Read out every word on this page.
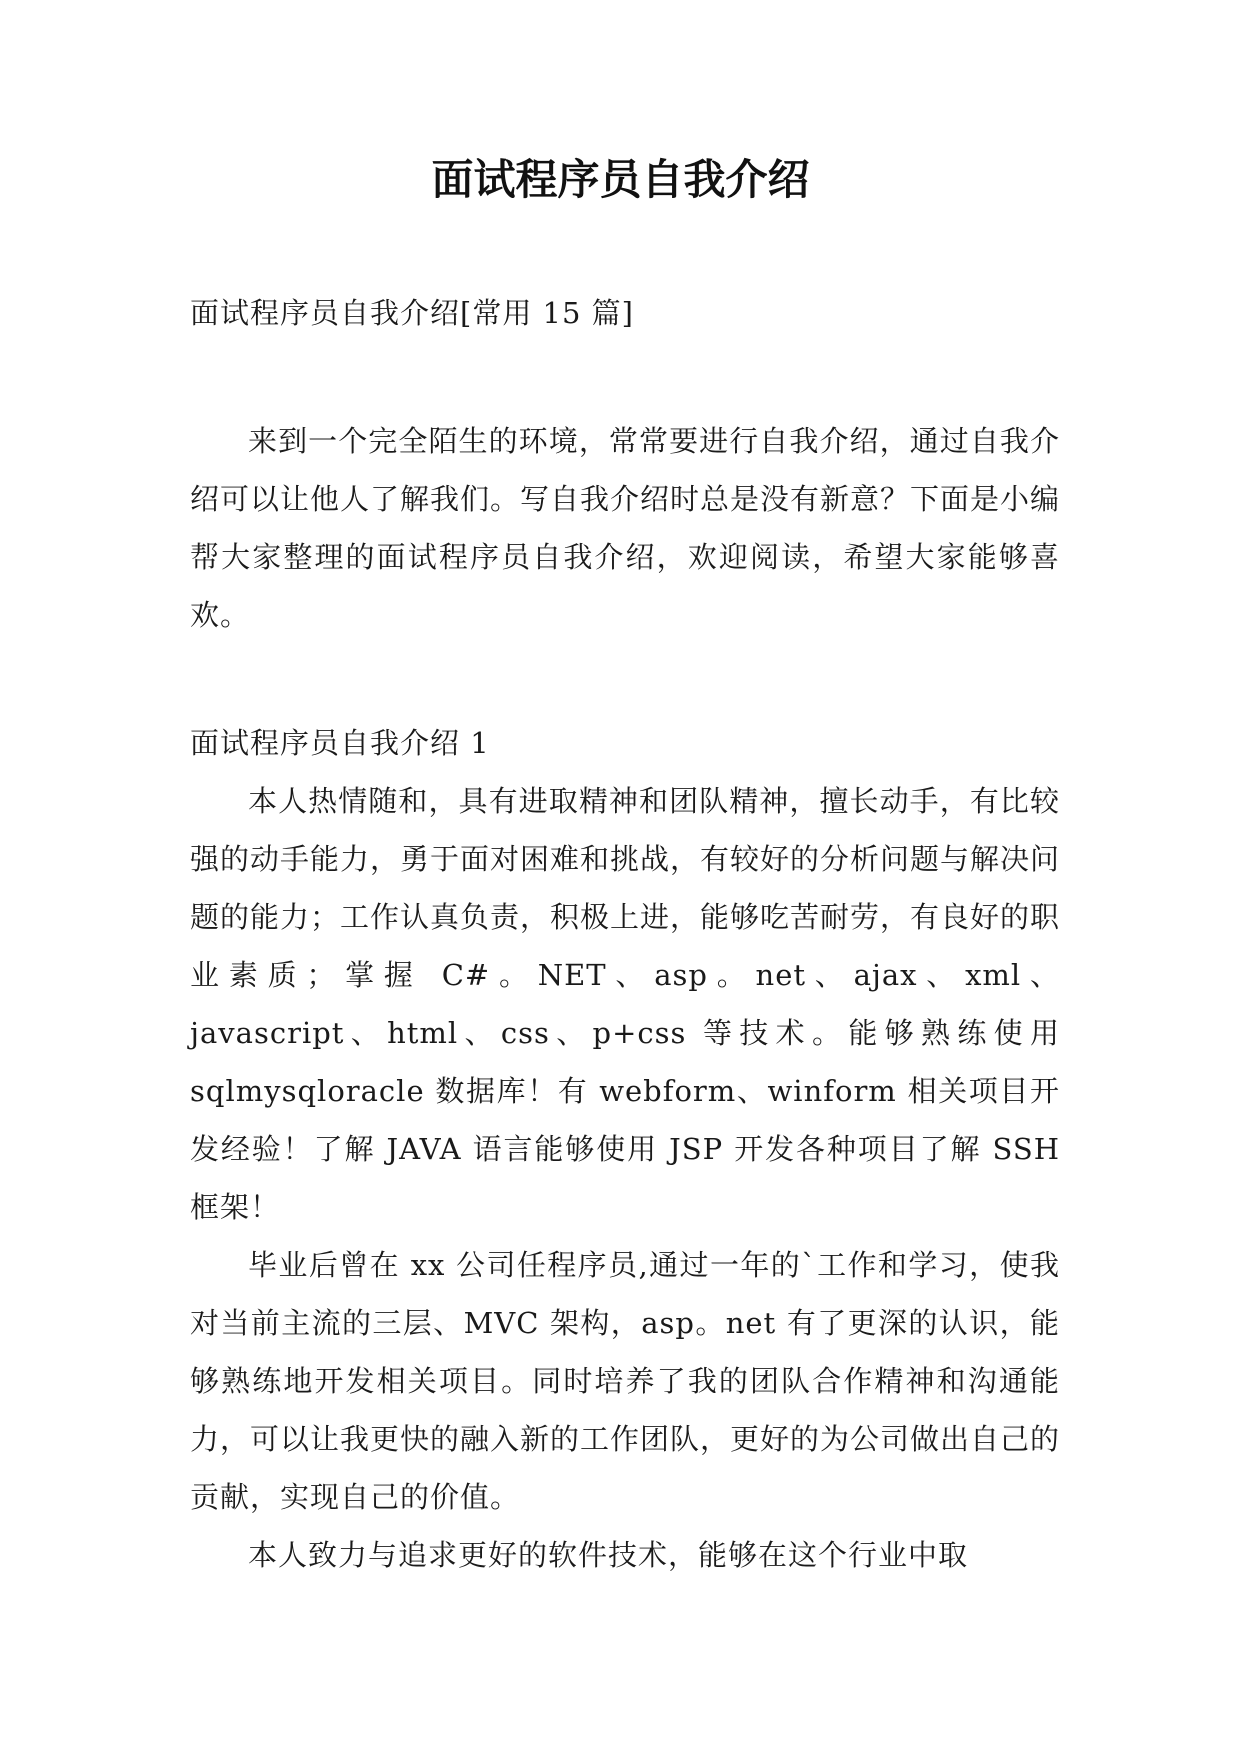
面试程序员自我介绍
面试程序员自我介绍[常用 15 篇]

来到一个完全陌生的环境，常常要进行自我介绍，通过自我介绍可以让他人了解我们。写自我介绍时总是没有新意？下面是小编帮大家整理的面试程序员自我介绍，欢迎阅读，希望大家能够喜欢。

面试程序员自我介绍 1

本人热情随和，具有进取精神和团队精神，擅长动手，有比较强的动手能力，勇于面对困难和挑战，有较好的分析问题与解决问题的能力；工作认真负责，积极上进，能够吃苦耐劳，有良好的职业素质；掌握 C#。NET、asp。net、ajax、xml、javascript、html、css、p+css 等技术。能够熟练使用 sqlmysqloracle 数据库！有 webform、winform 相关项目开发经验！了解 JAVA 语言能够使用 JSP 开发各种项目了解 SSH 框架！

毕业后曾在 xx 公司任程序员,通过一年的`工作和学习，使我对当前主流的三层、MVC 架构，asp。net 有了更深的认识，能够熟练地开发相关项目。同时培养了我的团队合作精神和沟通能力，可以让我更快的融入新的工作团队，更好的为公司做出自己的贡献，实现自己的价值。

本人致力与追求更好的软件技术，能够在这个行业中取
